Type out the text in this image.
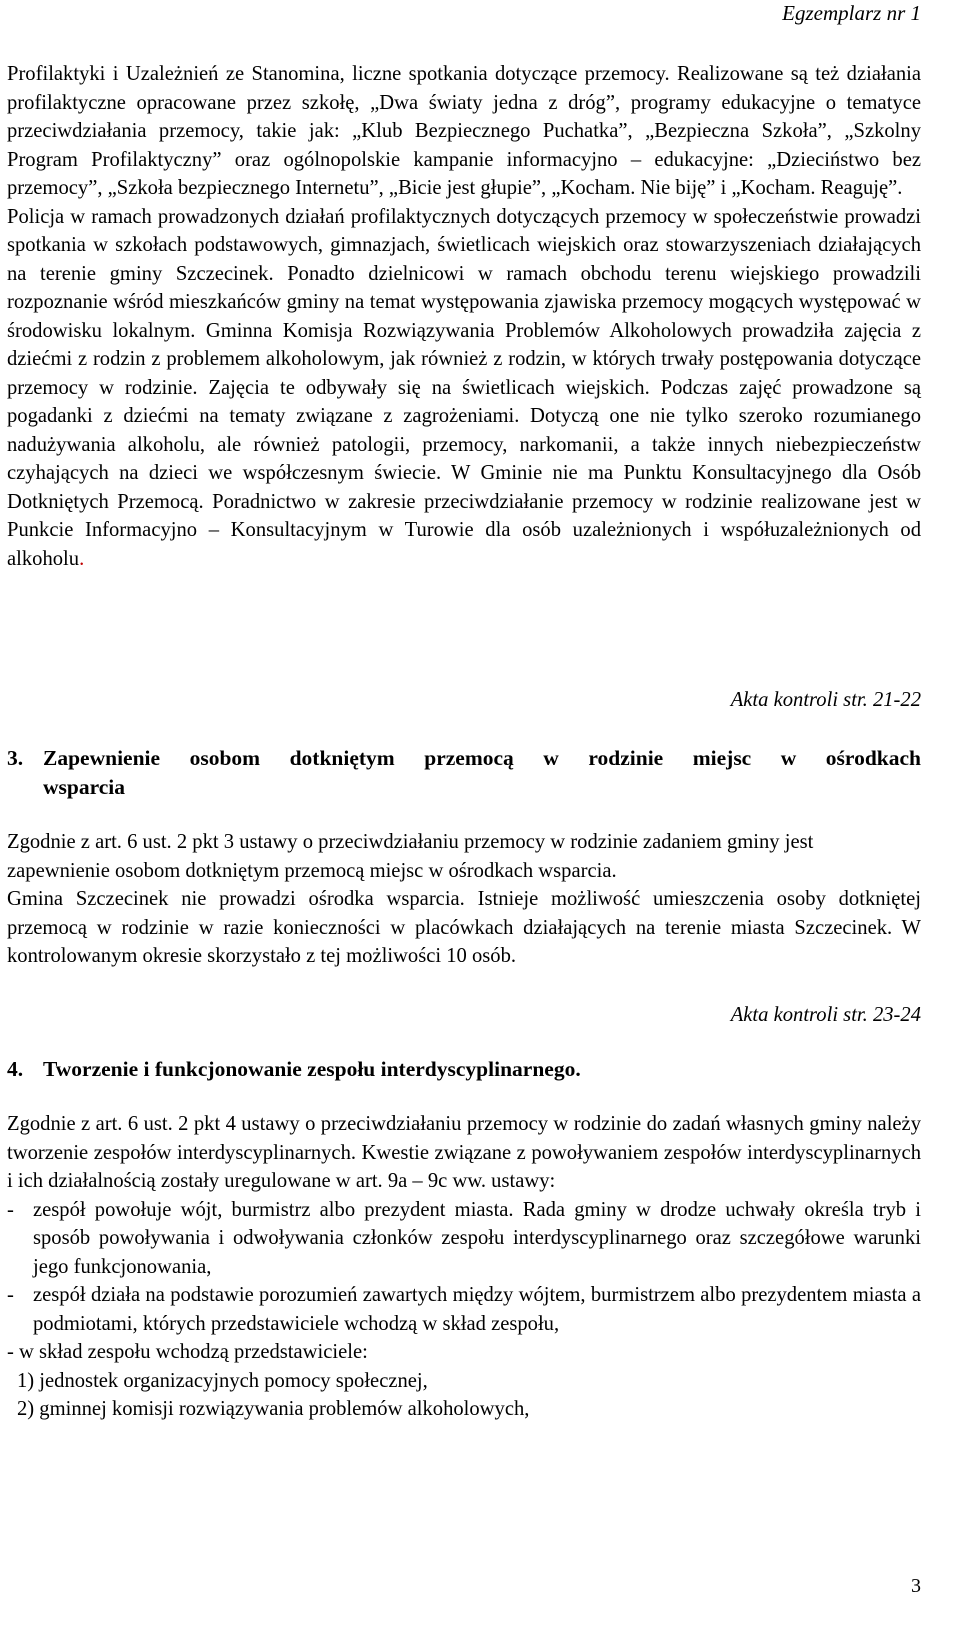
Egzemplarz nr 1

Profilaktyki i Uzależnień ze Stanomina, liczne spotkania dotyczące przemocy. Realizowane są też działania profilaktyczne opracowane przez szkołę, „Dwa światy jedna z dróg”, programy edukacyjne o tematyce przeciwdziałania przemocy, takie jak: „Klub Bezpiecznego Puchatka”, „Bezpieczna Szkoła”, „Szkolny Program Profilaktyczny” oraz ogólnopolskie kampanie informacyjno – edukacyjne: „Dzieciństwo bez przemocy”, „Szkoła bezpiecznego Internetu”, „Bicie jest głupie”, „Kocham. Nie biję” i „Kocham. Reaguję”.

Policja w ramach prowadzonych działań profilaktycznych dotyczących przemocy w społeczeństwie prowadzi spotkania w szkołach podstawowych, gimnazjach, świetlicach wiejskich oraz stowarzyszeniach działających na terenie gminy Szczecinek. Ponadto dzielnicowi w ramach obchodu terenu wiejskiego prowadzili rozpoznanie wśród mieszkańców gminy na temat występowania zjawiska przemocy mogących występować w środowisku lokalnym. Gminna Komisja Rozwiązywania Problemów Alkoholowych prowadziła zajęcia z dziećmi z rodzin z problemem alkoholowym, jak również z rodzin, w których trwały postępowania dotyczące przemocy w rodzinie. Zajęcia te odbywały się na świetlicach wiejskich. Podczas zajęć prowadzone są pogadanki z dziećmi na tematy związane z zagrożeniami. Dotyczą one nie tylko szeroko rozumianego nadużywania alkoholu, ale również patologii, przemocy, narkomanii, a także innych niebezpieczeństw czyhających na dzieci we współczesnym świecie. W Gminie nie ma Punktu Konsultacyjnego dla Osób Dotkniętych Przemocą. Poradnictwo w zakresie przeciwdziałanie przemocy w rodzinie realizowane jest w Punkcie Informacyjno – Konsultacyjnym w Turowie dla osób uzależnionych i współuzależnionych od alkoholu.

Akta kontroli str. 21-22
3. Zapewnienie osobom dotkniętym przemocą w rodzinie miejsc w ośrodkach
wsparcia

Zgodnie z art. 6 ust. 2 pkt 3 ustawy o przeciwdziałaniu przemocy w rodzinie zadaniem gminy jest zapewnienie osobom dotkniętym przemocą miejsc w ośrodkach wsparcia.

Gmina Szczecinek nie prowadzi ośrodka wsparcia. Istnieje możliwość umieszczenia osoby dotkniętej przemocą w rodzinie w razie konieczności w placówkach działających na terenie miasta Szczecinek. W kontrolowanym okresie skorzystało z tej możliwości 10 osób.

Akta kontroli str. 23-24
4. Tworzenie i funkcjonowanie zespołu interdyscyplinarnego.

Zgodnie z art. 6 ust. 2 pkt 4 ustawy o przeciwdziałaniu przemocy w rodzinie do zadań własnych gminy należy tworzenie zespołów interdyscyplinarnych. Kwestie związane z powoływaniem zespołów interdyscyplinarnych i ich działalnością zostały uregulowane w art. 9a – 9c ww. ustawy:

- zespół powołuje wójt, burmistrz albo prezydent miasta. Rada gminy w drodze uchwały określa tryb i sposób powoływania i odwoływania członków zespołu interdyscyplinarnego oraz szczegółowe warunki jego funkcjonowania,
- zespół działa na podstawie porozumień zawartych między wójtem, burmistrzem albo prezydentem miasta a podmiotami, których przedstawiciele wchodzą w skład zespołu,
- w skład zespołu wchodzą przedstawiciele:
1) jednostek organizacyjnych pomocy społecznej,
2) gminnej komisji rozwiązywania problemów alkoholowych,
3
